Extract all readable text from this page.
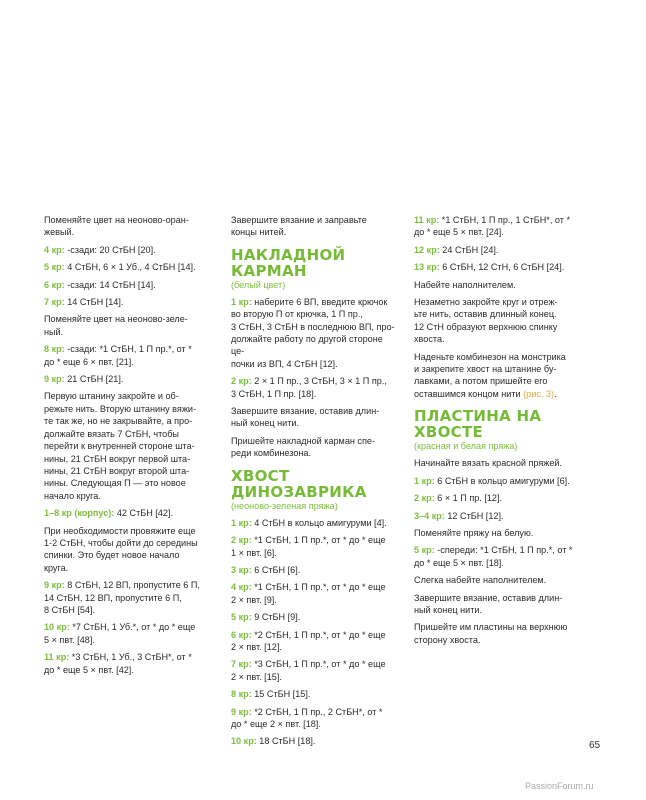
Поменяйте цвет на неоново-оран-
жевый.
4 кр: -сзади: 20 СтБН [20].
5 кр: 4 СтБН, 6 × 1 Уб., 4 СтБН [14].
6 кр: -сзади: 14 СтБН [14].
7 кр: 14 СтБН [14].
Поменяйте цвет на неоново-зеле-
ный.
8 кр: -сзади: *1 СтБН, 1 П пр.*, от *
до * еще 6 × пвт. [21].
9 кр: 21 СтБН [21].
Первую штанину закройте и об-
режьте нить. Вторую штанину вяжи-
те так же, но не закрывайте, а про-
должайте вязать 7 СтБН, чтобы
перейти к внутренней стороне шта-
нины, 21 СтБН вокруг первой шта-
нины, 21 СтБН вокруг второй шта-
нины. Следующая П — это новое
начало круга.
1–8 кр (корпус): 42 СтБН [42].
При необходимости провяжите еще
1-2 СтБН, чтобы дойти до середины
спинки. Это будет новое начало
круга.
9 кр: 8 СтБН, 12 ВП, пропустите 6 П,
14 СтБН, 12 ВП, пропустите 6 П,
8 СтБН [54].
10 кр: *7 СтБН, 1 Уб.*, от * до * еще
5 × пвт. [48].
11 кр: *3 СтБН, 1 Уб., 3 СтБН*, от *
до * еще 5 × пвт. [42].
Завершите вязание и заправьте
концы нитей.
НАКЛАДНОЙ КАРМАН
(белый цвет)
1 кр: наберите 6 ВП, введите крючок
во вторую П от крючка, 1 П пр.,
3 СтБН, 3 СтБН в последнюю ВП, про-
должайте работу по другой стороне це-
почки из ВП, 4 СтБН [12].
2 кр: 2 × 1 П пр., 3 СтБН, 3 × 1 П пр.,
3 СтБН, 1 П пр. [18].
Завершите вязание, оставив длин-
ный конец нити.
Пришейте накладной карман спе-
реди комбинезона.
ХВОСТ ДИНОЗАВРИКА
(неоново-зеленая пряжа)
1 кр: 4 СтБН в кольцо амигуруми [4].
2 кр: *1 СтБН, 1 П пр.*, от * до * еще
1 × пвт. [6].
3 кр: 6 СтБН [6].
4 кр: *1 СтБН, 1 П пр.*, от * до * еще
2 × пвт. [9].
5 кр: 9 СтБН [9].
6 кр: *2 СтБН, 1 П пр.*, от * до * еще
2 × пвт. [12].
7 кр: *3 СтБН, 1 П пр.*, от * до * еще
2 × пвт. [15].
8 кр: 15 СтБН [15].
9 кр: *2 СтБН, 1 П пр., 2 СтБН*, от *
до * еще 2 × пвт. [18].
10 кр: 18 СтБН [18].
11 кр: *1 СтБН, 1 П пр., 1 СтБН*, от *
до * еще 5 × пвт. [24].
12 кр: 24 СтБН [24].
13 кр: 6 СтБН, 12 СтН, 6 СтБН [24].
Набейте наполнителем.
Незаметно закройте круг и отреж-
ьте нить, оставив длинный конец.
12 СтН образуют верхнюю спинку
хвоста.
Наденьте комбинезон на монстрика
и закрепите хвост на штанине бу-
лавками, а потом пришейте его
оставшимся концом нити (рис. 3).
ПЛАСТИНА НА ХВОСТЕ
(красная и белая пряжа)
Начинайте вязать красной пряжей.
1 кр: 6 СтБН в кольцо амигуруми [6].
2 кр: 6 × 1 П пр. [12].
3–4 кр: 12 СтБН [12].
Поменяйте пряжу на белую.
5 кр: -спереди: *1 СтБН, 1 П пр.*, от *
до * еще 5 × пвт. [18].
Слегка набейте наполнителем.
Завершите вязание, оставив длин-
ный конец нити.
Пришейте им пластины на верхнюю
сторону хвоста.
65
PassionForum.ru
